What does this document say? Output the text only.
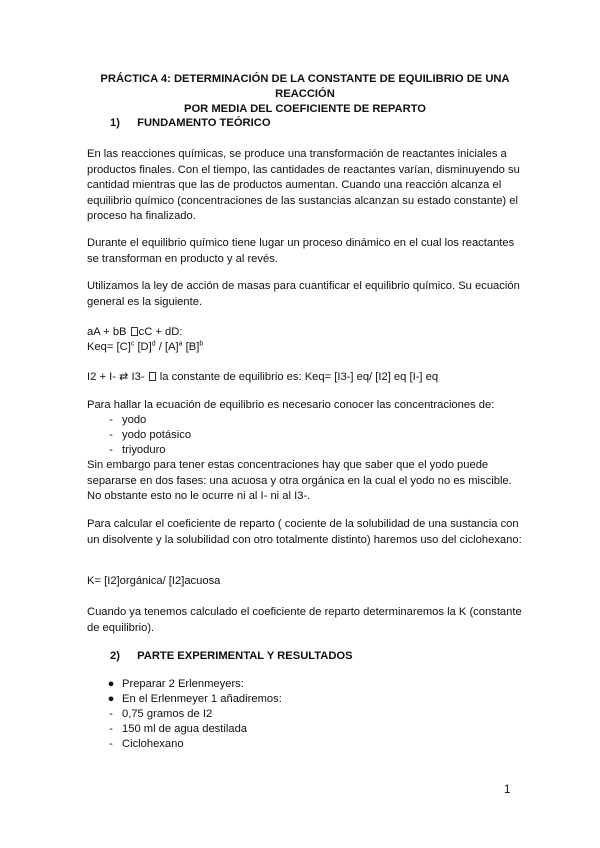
PRÁCTICA 4: DETERMINACIÓN DE LA CONSTANTE DE EQUILIBRIO DE UNA REACCIÓN
POR MEDIA DEL COEFICIENTE DE REPARTO
1) FUNDAMENTO TEÓRICO

En las reacciones químicas, se produce una transformación de reactantes iniciales a productos finales. Con el tiempo, las cantidades de reactantes varían, disminuyendo su cantidad mientras que las de productos aumentan. Cuando una reacción alcanza el equilibrio químico (concentraciones de las sustancias alcanzan su estado constante) el proceso ha finalizado.

Durante el equilibrio químico tiene lugar un proceso dinámico en el cual los reactantes se transforman en producto y al revés.

Utilizamos la ley de acción de masas para cuantificar el equilibrio químico. Su ecuación general es la siguiente.

aA + bB cC + dD:
$Keq= [C]^c$ $[D]^d / [A]^a$ $[B]^b$
I2 + I- ⇄ I3- la constante de equilibrio es: Keq= [I3-] eq/ [I2] eq [I-] eq

Para hallar la ecuación de equilibrio es necesario conocer las concentraciones de:

- yodo
- yodo potásico
- triyoduro

Sin embargo para tener estas concentraciones hay que saber que el yodo puede separarse en dos fases: una acuosa y otra orgánica en la cual el yodo no es miscible. No obstante esto no le ocurre ni al I- ni al I3-.

Para calcular el coeficiente de reparto ( cociente de la solubilidad de una sustancia con un disolvente y la solubilidad con otro totalmente distinto) haremos uso del ciclohexano:

K= [I2]orgánica/ [I2]acuosa

Cuando ya tenemos calculado el coeficiente de reparto determinaremos la K (constante de equilibrio).

2) PARTE EXPERIMENTAL Y RESULTADOS
● Preparar 2 Erlenmeyers:
● En el Erlenmeyer 1 añadiremos:
- 0,75 gramos de I2
- 150 ml de agua destilada
- Ciclohexano
1
